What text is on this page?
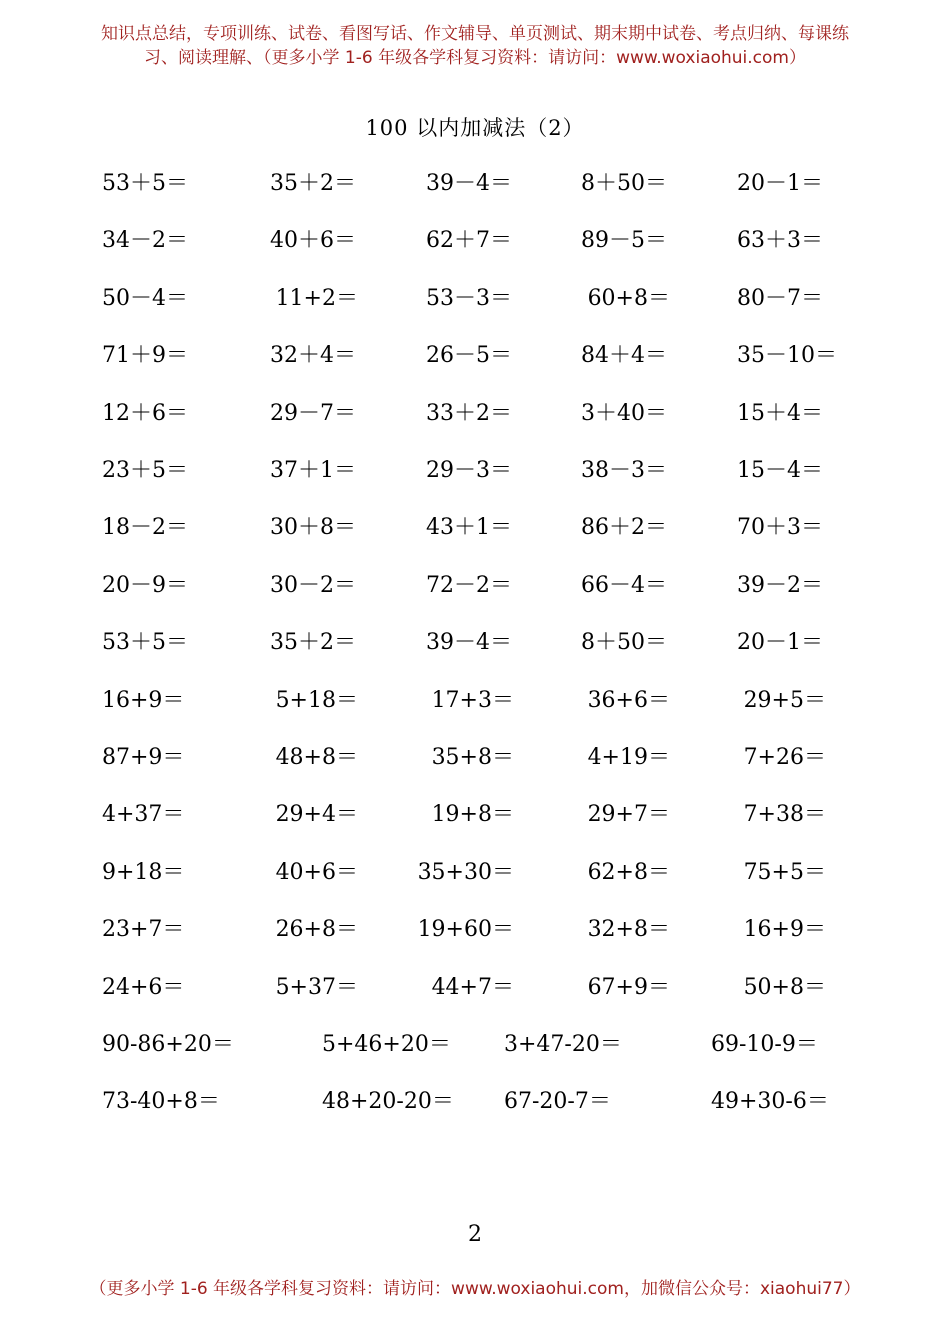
知识点总结，专项训练、试卷、看图写话、作文辅导、单页测试、期末期中试卷、考点归纳、每课练
习、阅读理解、（更多小学 1-6 年级各学科复习资料：请访问：www.woxiaohui.com）
100 以内加减法（2）
53＋5＝	35＋2＝	39－4＝	8＋50＝	20－1＝
34－2＝	40＋6＝	62＋7＝	89－5＝	63＋3＝
50－4＝	11+2＝	53－3＝	60+8＝	80－7＝
71＋9＝	32＋4＝	26－5＝	84＋4＝	35－10＝
12＋6＝	29－7＝	33＋2＝	3＋40＝	15＋4＝
23＋5＝	37＋1＝	29－3＝	38－3＝	15－4＝
18－2＝	30＋8＝	43＋1＝	86＋2＝	70＋3＝
20－9＝	30－2＝	72－2＝	66－4＝	39－2＝
53＋5＝	35＋2＝	39－4＝	8＋50＝	20－1＝
16+9＝	5+18＝	17+3＝	36+6＝	29+5＝
87+9＝	48+8＝	35+8＝	4+19＝	7+26＝
4+37＝	29+4＝	19+8＝	29+7＝	7+38＝
9+18＝	40+6＝	35+30＝	62+8＝	75+5＝
23+7＝	26+8＝	19+60＝	32+8＝	16+9＝
24+6＝	5+37＝	44+7＝	67+9＝	50+8＝
90-86+20＝	5+46+20＝ 3+47-20＝	69-10-9＝
73-40+8＝	48+20-20＝ 67-20-7＝	49+30-6＝
2
（更多小学 1-6 年级各学科复习资料：请访问：www.woxiaohui.com，加微信公众号：xiaohui77）
